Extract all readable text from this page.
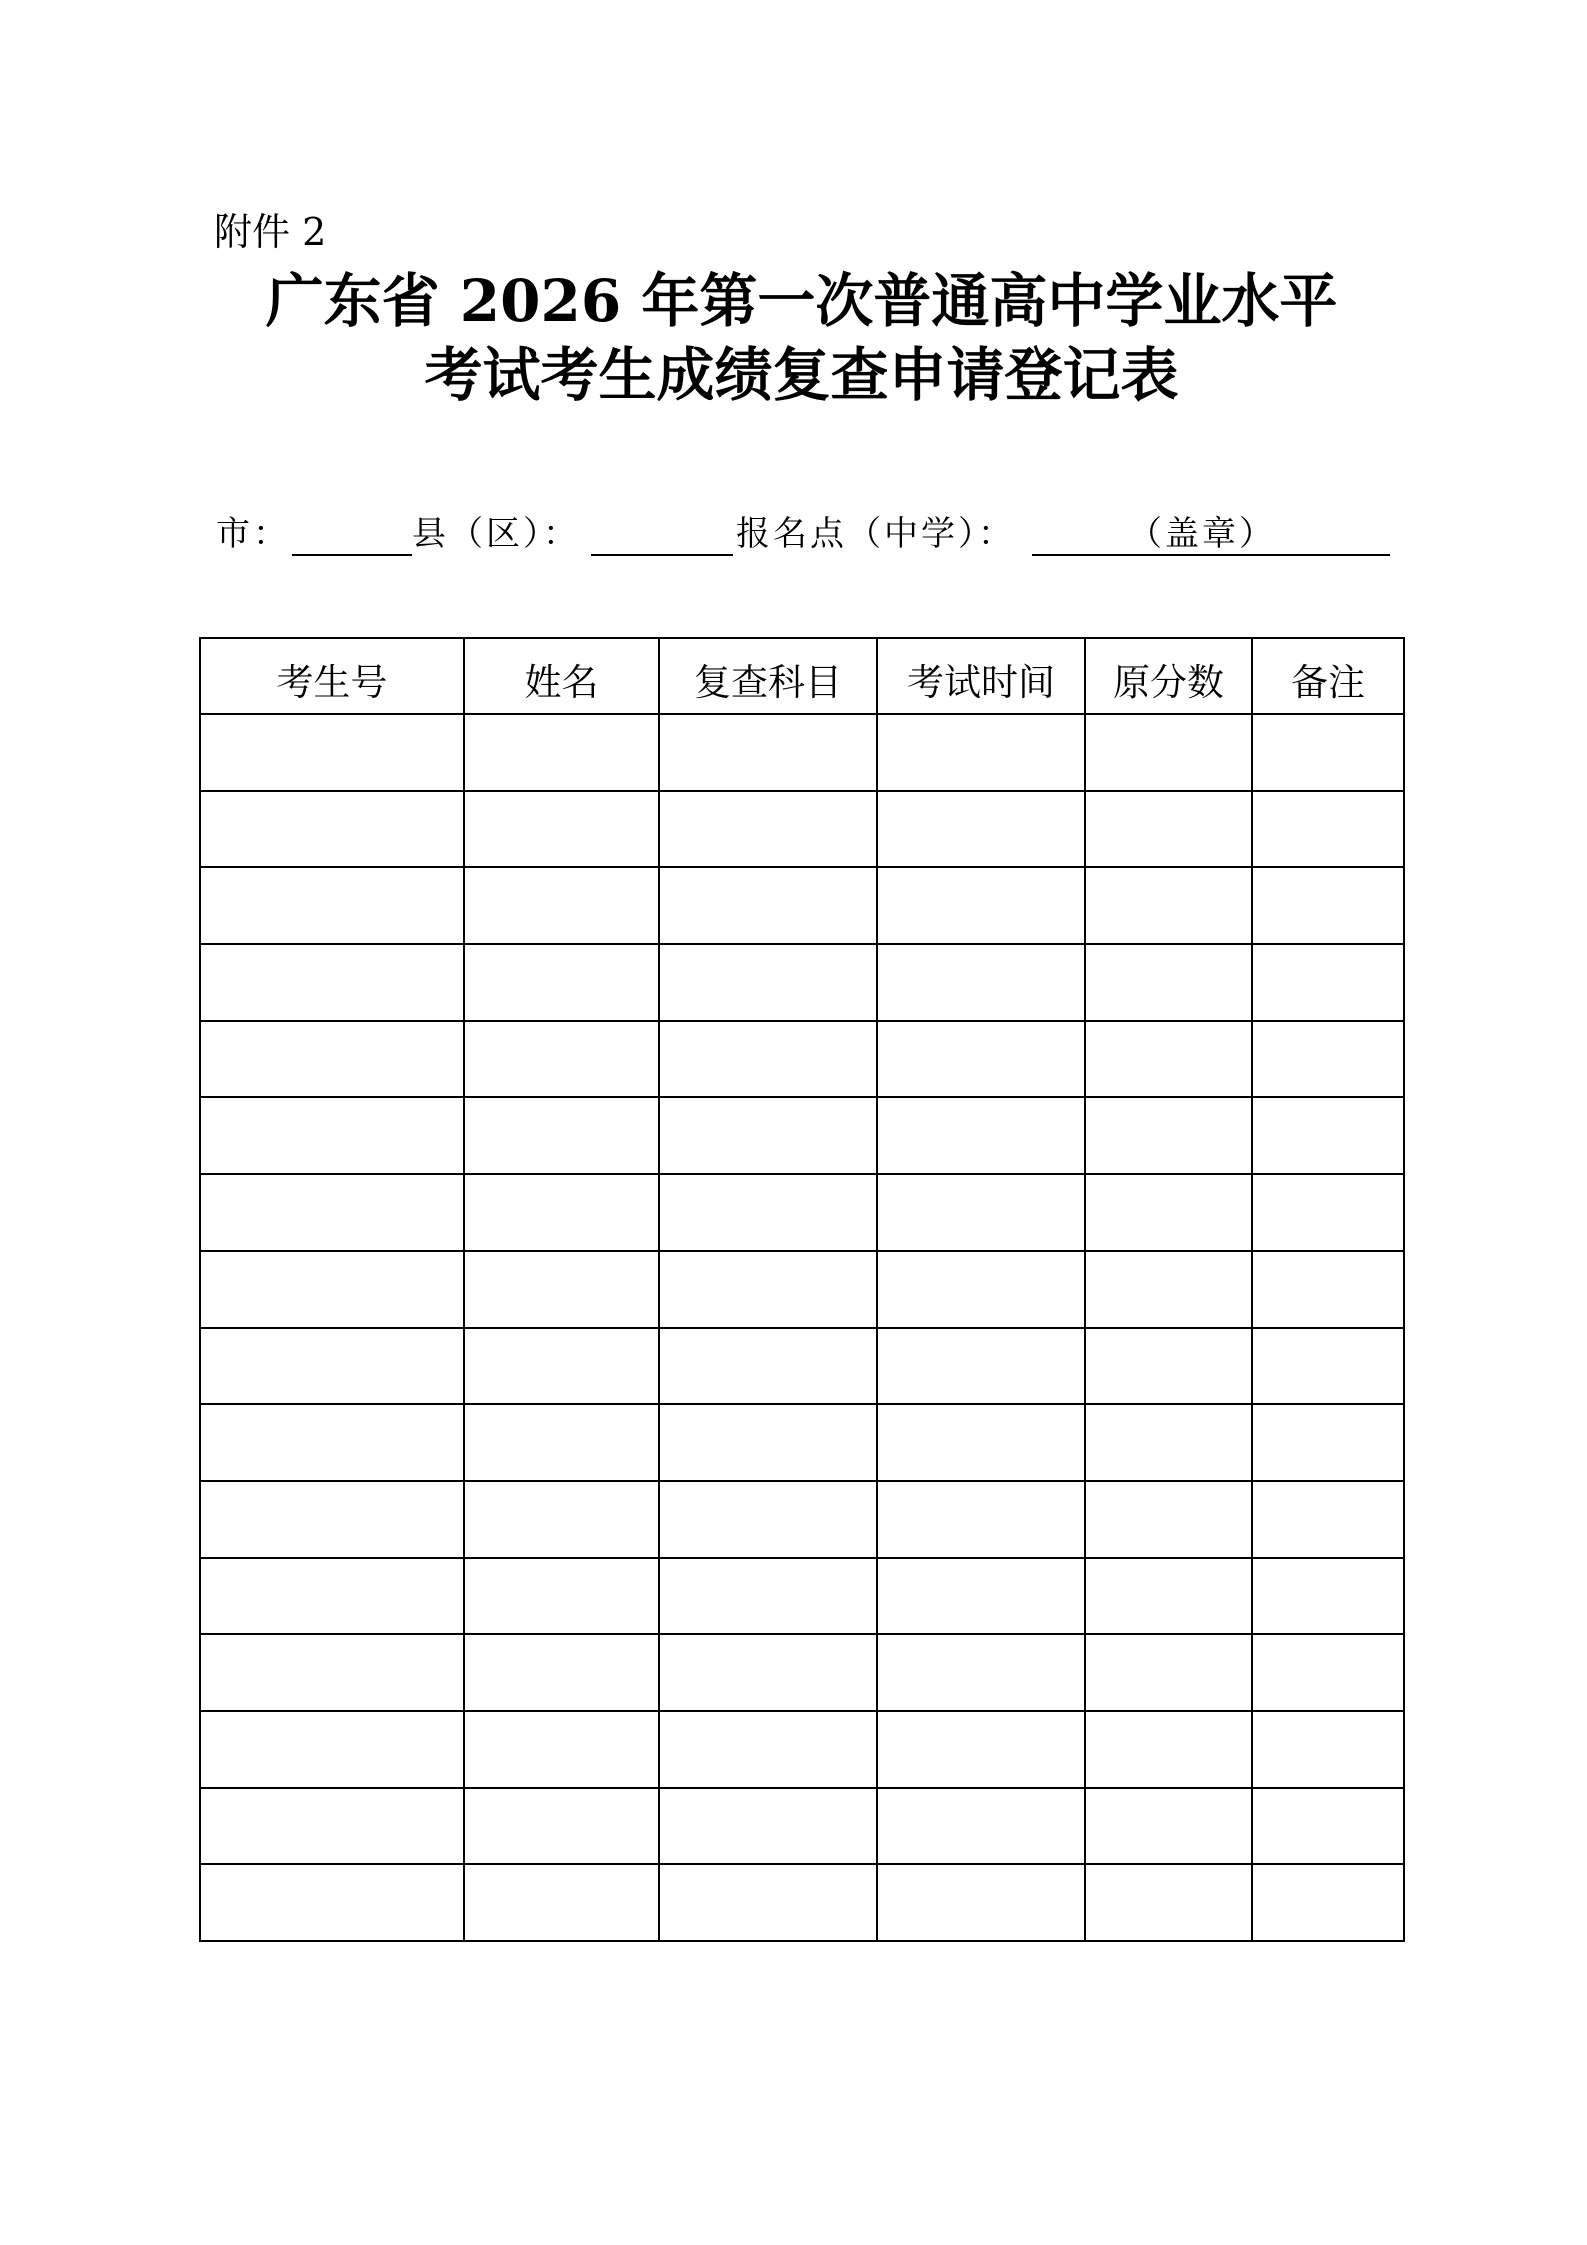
附件 2
广东省 2026 年第一次普通高中学业水平
考试考生成绩复查申请登记表
市：	县（区）：	报名点（中学）：	（盖章）
考生号	姓名	复查科目	考试时间	原分数	备注
